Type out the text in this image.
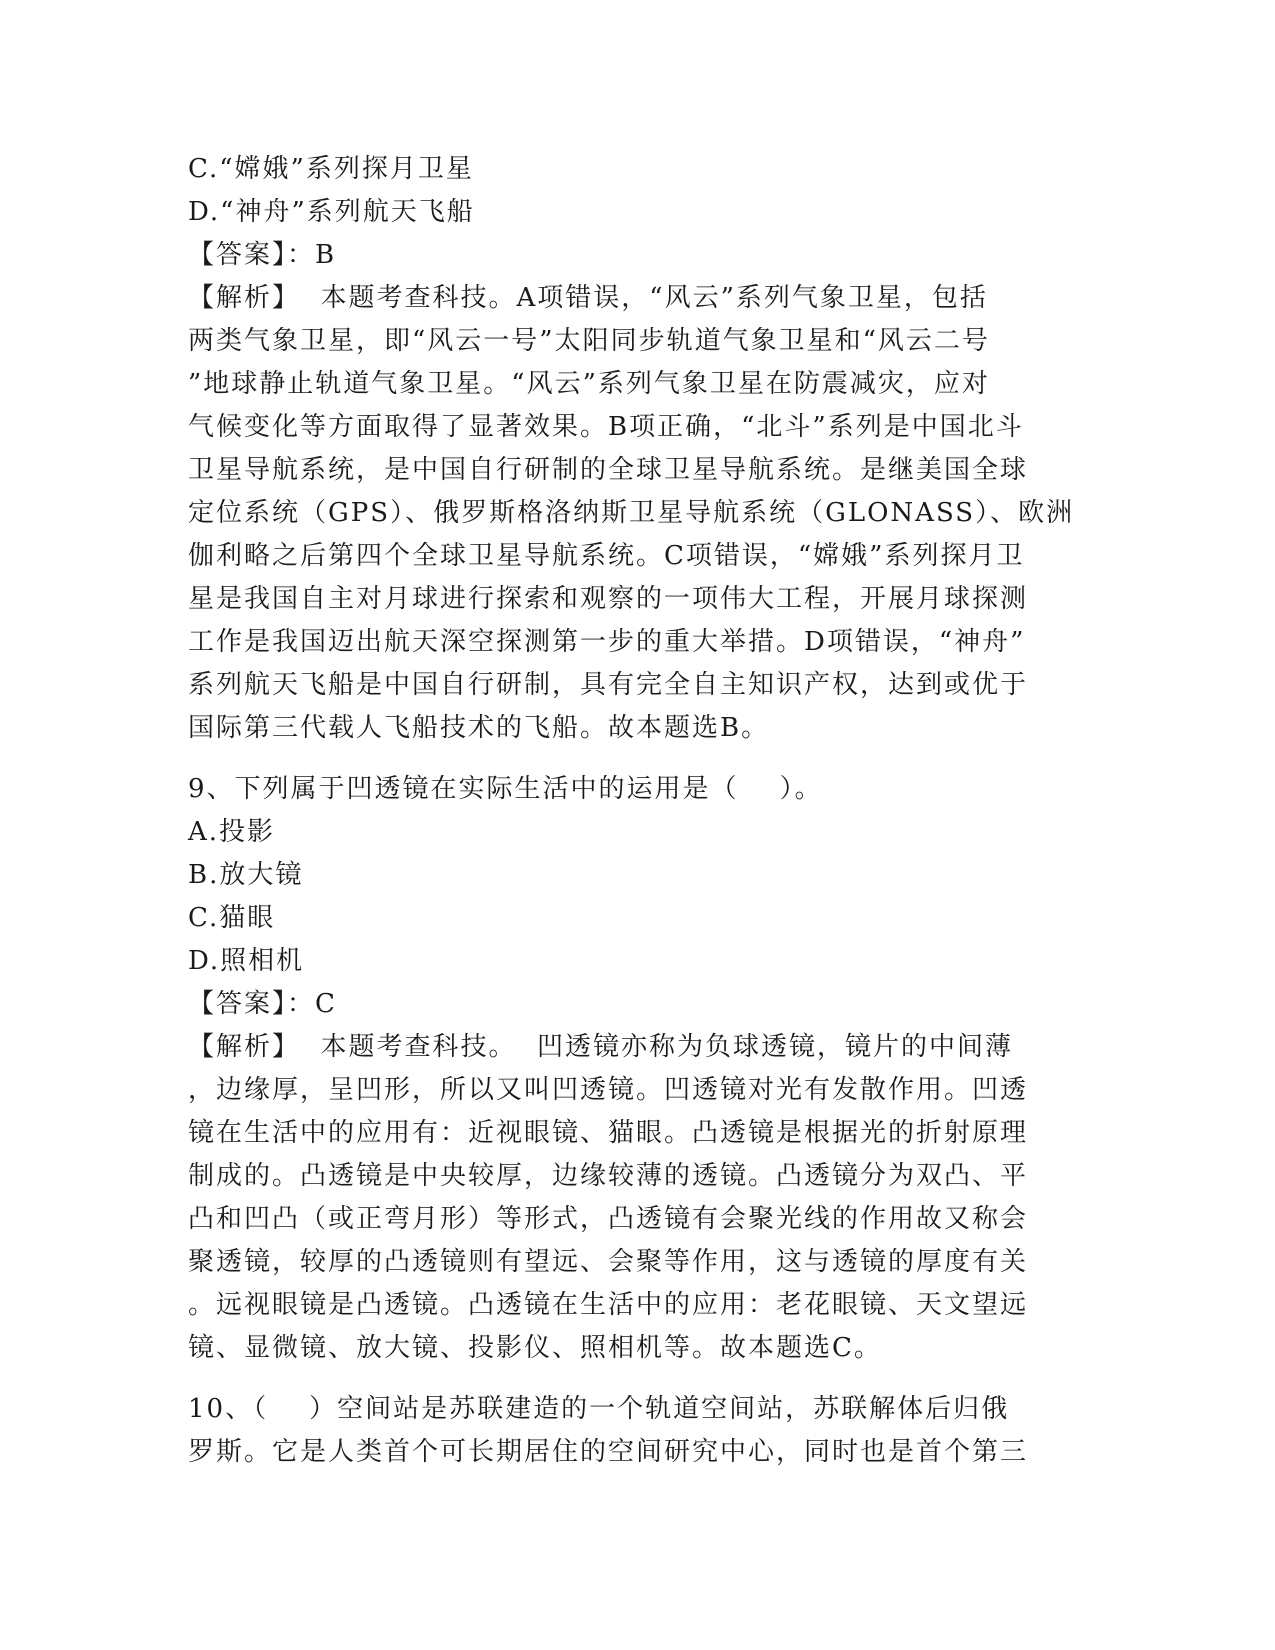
C.“嫦娥”系列探月卫星
D.“神舟”系列航天飞船
【答案】：B
【解析】  本题考查科技。A项错误，“风云”系列气象卫星，包括
两类气象卫星，即“风云一号”太阳同步轨道气象卫星和“风云二号
”地球静止轨道气象卫星。“风云”系列气象卫星在防震减灾，应对
气候变化等方面取得了显著效果。B项正确，“北斗”系列是中国北斗
卫星导航系统，是中国自行研制的全球卫星导航系统。是继美国全球
定位系统（GPS）、俄罗斯格洛纳斯卫星导航系统（GLONASS）、欧洲
伽利略之后第四个全球卫星导航系统。C项错误，“嫦娥”系列探月卫
星是我国自主对月球进行探索和观察的一项伟大工程，开展月球探测
工作是我国迈出航天深空探测第一步的重大举措。D项错误，“神舟”
系列航天飞船是中国自行研制，具有完全自主知识产权，达到或优于
国际第三代载人飞船技术的飞船。故本题选B。
9、下列属于凹透镜在实际生活中的运用是（    ）。
A.投影
B.放大镜
C.猫眼
D.照相机
【答案】：C
【解析】  本题考查科技。  凹透镜亦称为负球透镜，镜片的中间薄
，边缘厚，呈凹形，所以又叫凹透镜。凹透镜对光有发散作用。凹透
镜在生活中的应用有：近视眼镜、猫眼。凸透镜是根据光的折射原理
制成的。凸透镜是中央较厚，边缘较薄的透镜。凸透镜分为双凸、平
凸和凹凸（或正弯月形）等形式，凸透镜有会聚光线的作用故又称会
聚透镜，较厚的凸透镜则有望远、会聚等作用，这与透镜的厚度有关
。远视眼镜是凸透镜。凸透镜在生活中的应用：老花眼镜、天文望远
镜、显微镜、放大镜、投影仪、照相机等。故本题选C。
10、（    ）空间站是苏联建造的一个轨道空间站，苏联解体后归俄
罗斯。它是人类首个可长期居住的空间研究中心，同时也是首个第三
